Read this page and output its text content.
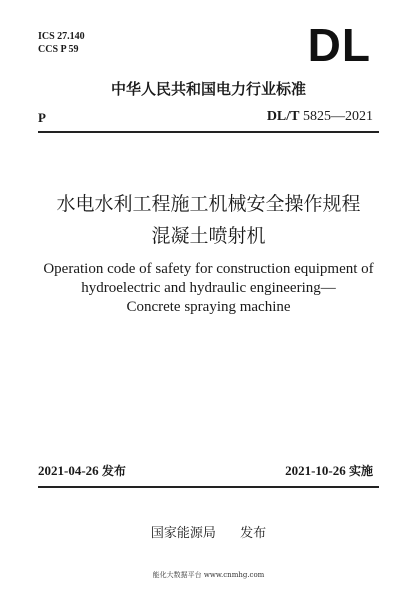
ICS 27.140
CCS P 59	DL
中华人民共和国电力行业标准
P	DL/T 5825—2021
水电水利工程施工机械安全操作规程
混凝土喷射机
Operation code of safety for construction equipment of
hydroelectric and hydraulic engineering—
Concrete spraying machine
2021-04-26 发布	2021-10-26 实施
国家能源局 发布
能化大数据平台 www.cnmhg.com
